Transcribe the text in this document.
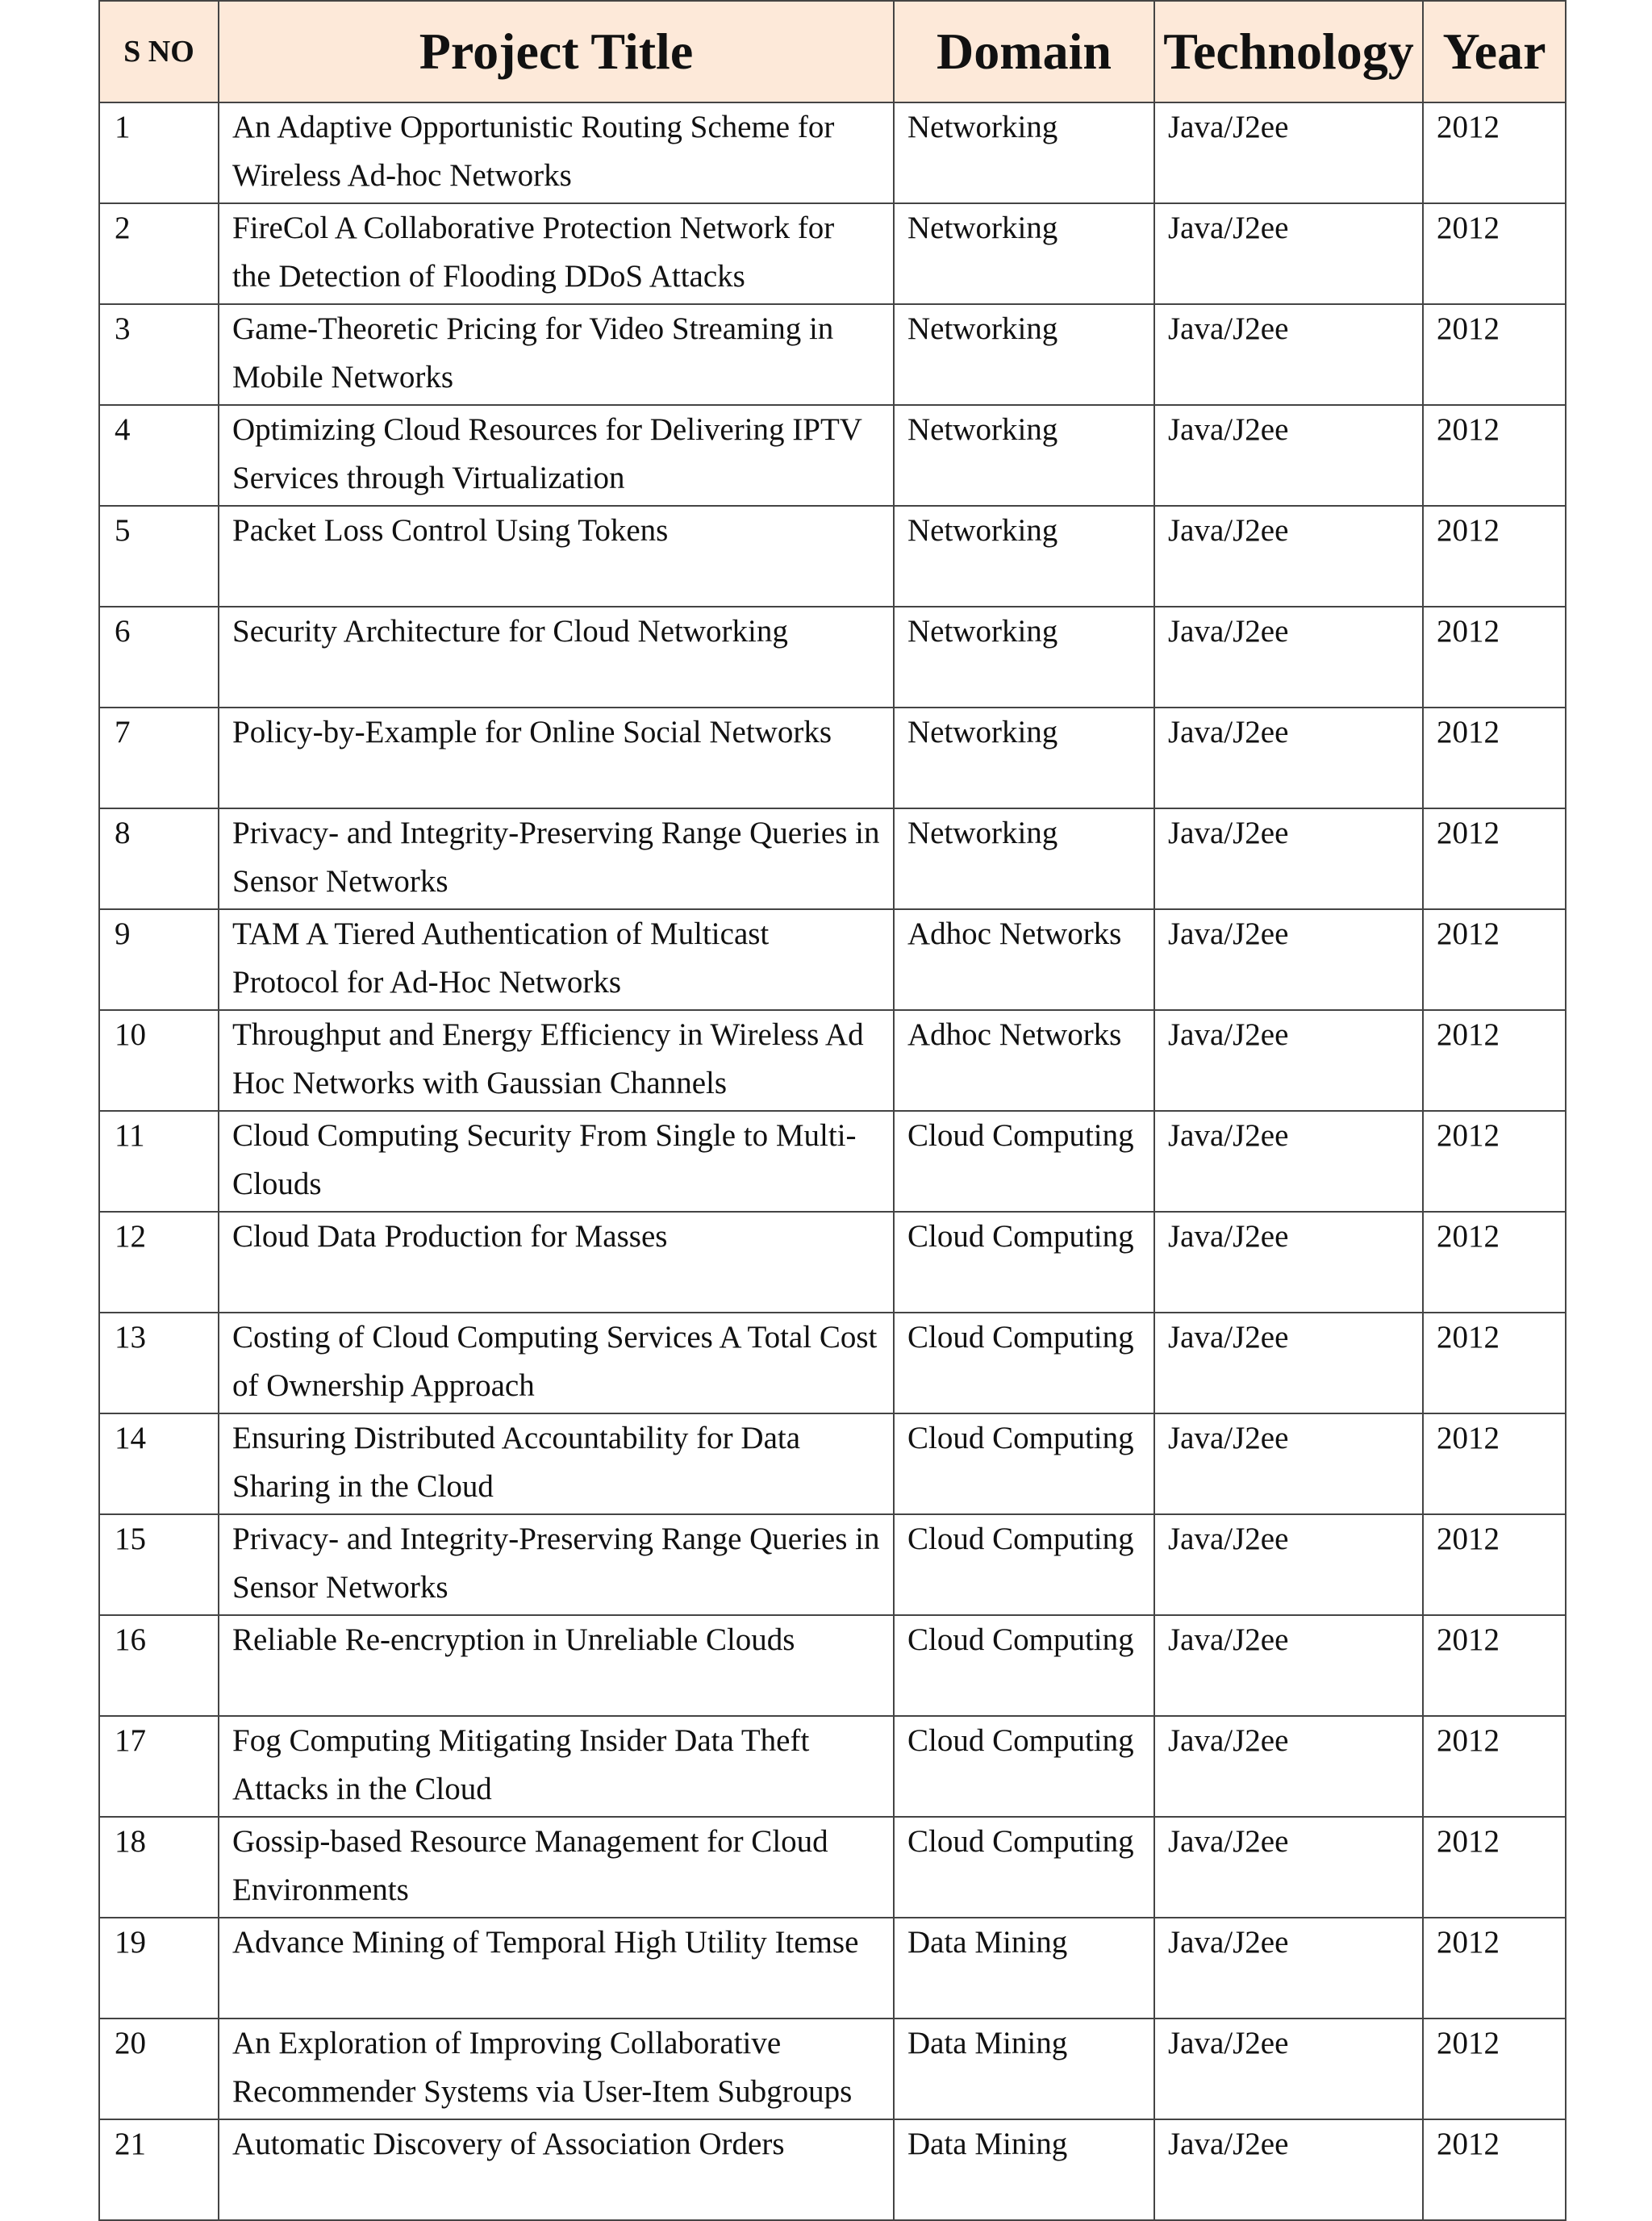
S NO	Project Title	Domain	Technology	Year
1	An Adaptive Opportunistic Routing Scheme for Wireless Ad-hoc Networks	Networking	Java/J2ee	2012
2	FireCol A Collaborative Protection Network for the Detection of Flooding DDoS Attacks	Networking	Java/J2ee	2012
3	Game-Theoretic Pricing for Video Streaming in Mobile Networks	Networking	Java/J2ee	2012
4	Optimizing Cloud Resources for Delivering IPTV Services through Virtualization	Networking	Java/J2ee	2012
5	Packet Loss Control Using Tokens	Networking	Java/J2ee	2012
6	Security Architecture for Cloud Networking	Networking	Java/J2ee	2012
7	Policy-by-Example for Online Social Networks	Networking	Java/J2ee	2012
8	Privacy- and Integrity-Preserving Range Queries in Sensor Networks	Networking	Java/J2ee	2012
9	TAM A Tiered Authentication of Multicast Protocol for Ad-Hoc Networks	Adhoc Networks	Java/J2ee	2012
10	Throughput and Energy Efficiency in Wireless Ad Hoc Networks with Gaussian Channels	Adhoc Networks	Java/J2ee	2012
11	Cloud Computing Security From Single to Multi-Clouds	Cloud Computing	Java/J2ee	2012
12	Cloud Data Production for Masses	Cloud Computing	Java/J2ee	2012
13	Costing of Cloud Computing Services A Total Cost of Ownership Approach	Cloud Computing	Java/J2ee	2012
14	Ensuring Distributed Accountability for Data Sharing in the Cloud	Cloud Computing	Java/J2ee	2012
15	Privacy- and Integrity-Preserving Range Queries in Sensor Networks	Cloud Computing	Java/J2ee	2012
16	Reliable Re-encryption in Unreliable Clouds	Cloud Computing	Java/J2ee	2012
17	Fog Computing Mitigating Insider Data Theft Attacks in the Cloud	Cloud Computing	Java/J2ee	2012
18	Gossip-based Resource Management for Cloud Environments	Cloud Computing	Java/J2ee	2012
19	Advance Mining of Temporal High Utility Itemse	Data Mining	Java/J2ee	2012
20	An Exploration of Improving Collaborative Recommender Systems via User-Item Subgroups	Data Mining	Java/J2ee	2012
21	Automatic Discovery of Association Orders	Data Mining	Java/J2ee	2012
